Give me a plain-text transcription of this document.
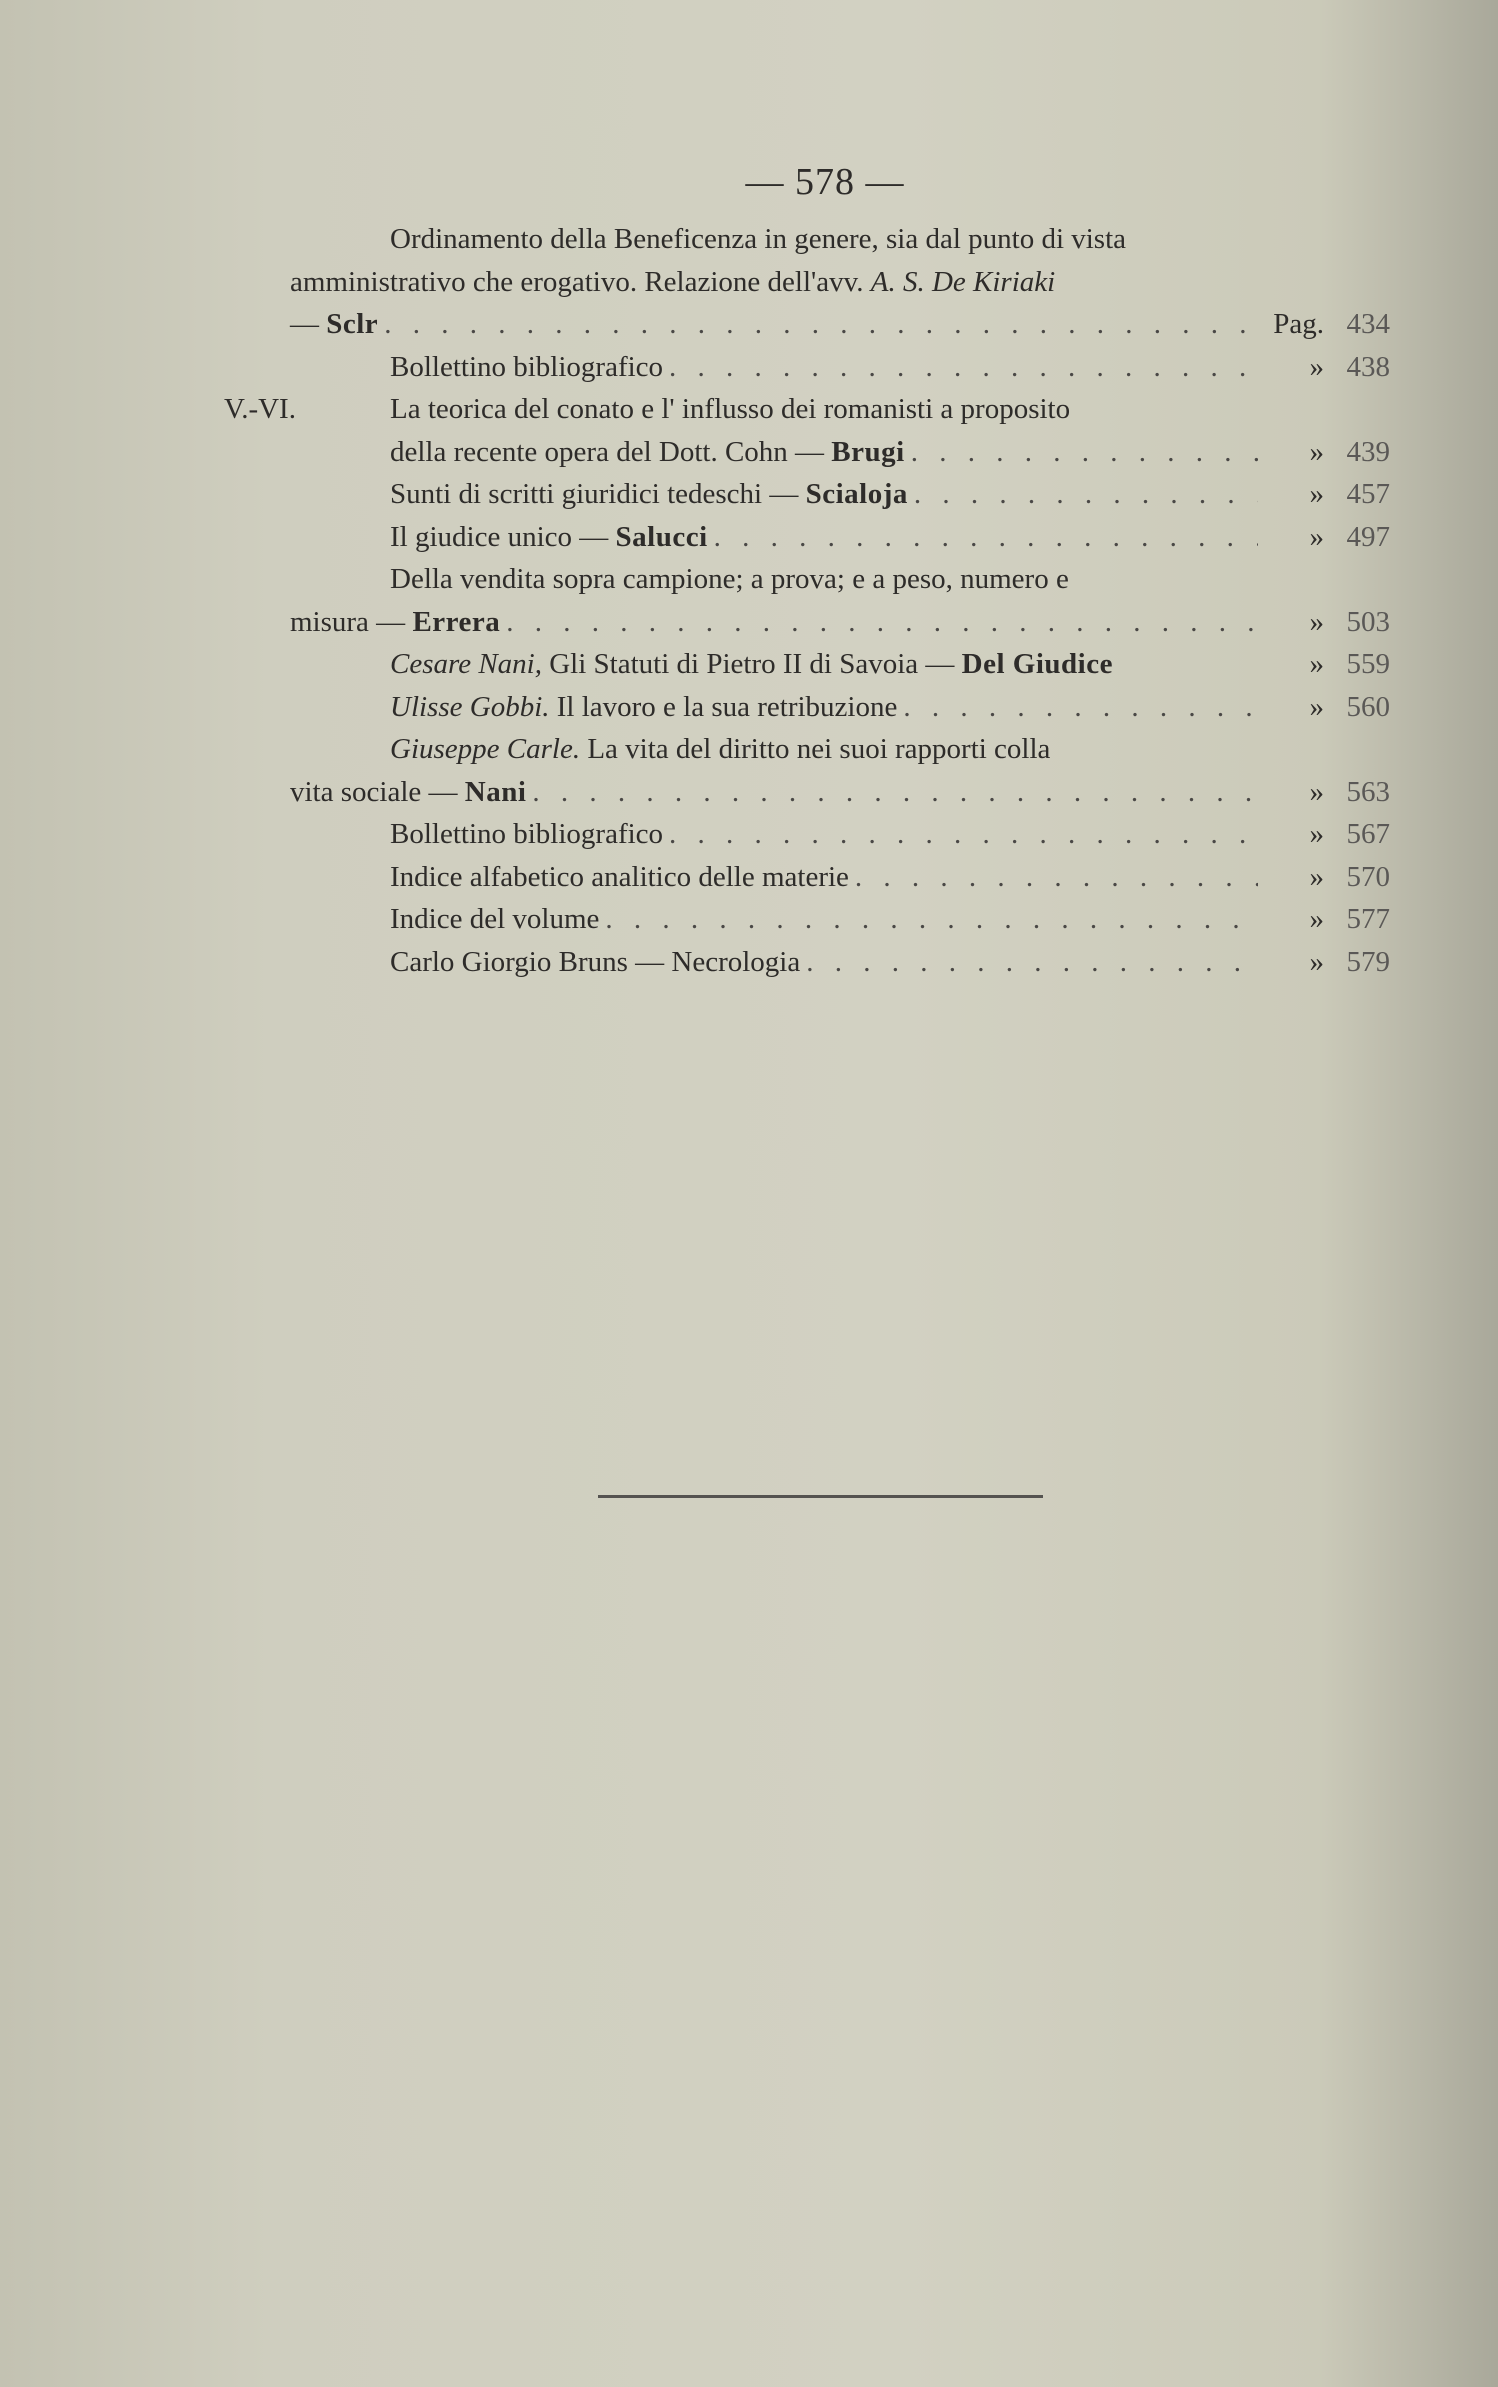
— 578 —
Ordinamento della Beneficenza in genere, sia dal punto di vista
amministrativo che erogativo. Relazione dell'avv. A. S. De Kiriaki
— Sclr . . .	Pag. 434
Bollettino bibliografico . . .	» 438
V.-VI.	La teorica del conato e l' influsso dei romanisti a proposito
della recente opera del Dott. Cohn — Brugi . . .	» 439
Sunti di scritti giuridici tedeschi — Scialoja . . .	» 457
Il giudice unico — Salucci . . .	» 497
Della vendita sopra campione; a prova; e a peso, numero e
misura — Errera . . .	» 503
Cesare Nani, Gli Statuti di Pietro II di Savoia — Del Giudice	» 559
Ulisse Gobbi. Il lavoro e la sua retribuzione . . .	» 560
Giuseppe Carle. La vita del diritto nei suoi rapporti colla
vita sociale — Nani . . .	» 563
Bollettino bibliografico . . .	» 567
Indice alfabetico analitico delle materie . . .	» 570
Indice del volume . . .	» 577
Carlo Giorgio Bruns — Necrologia . . .	» 579
